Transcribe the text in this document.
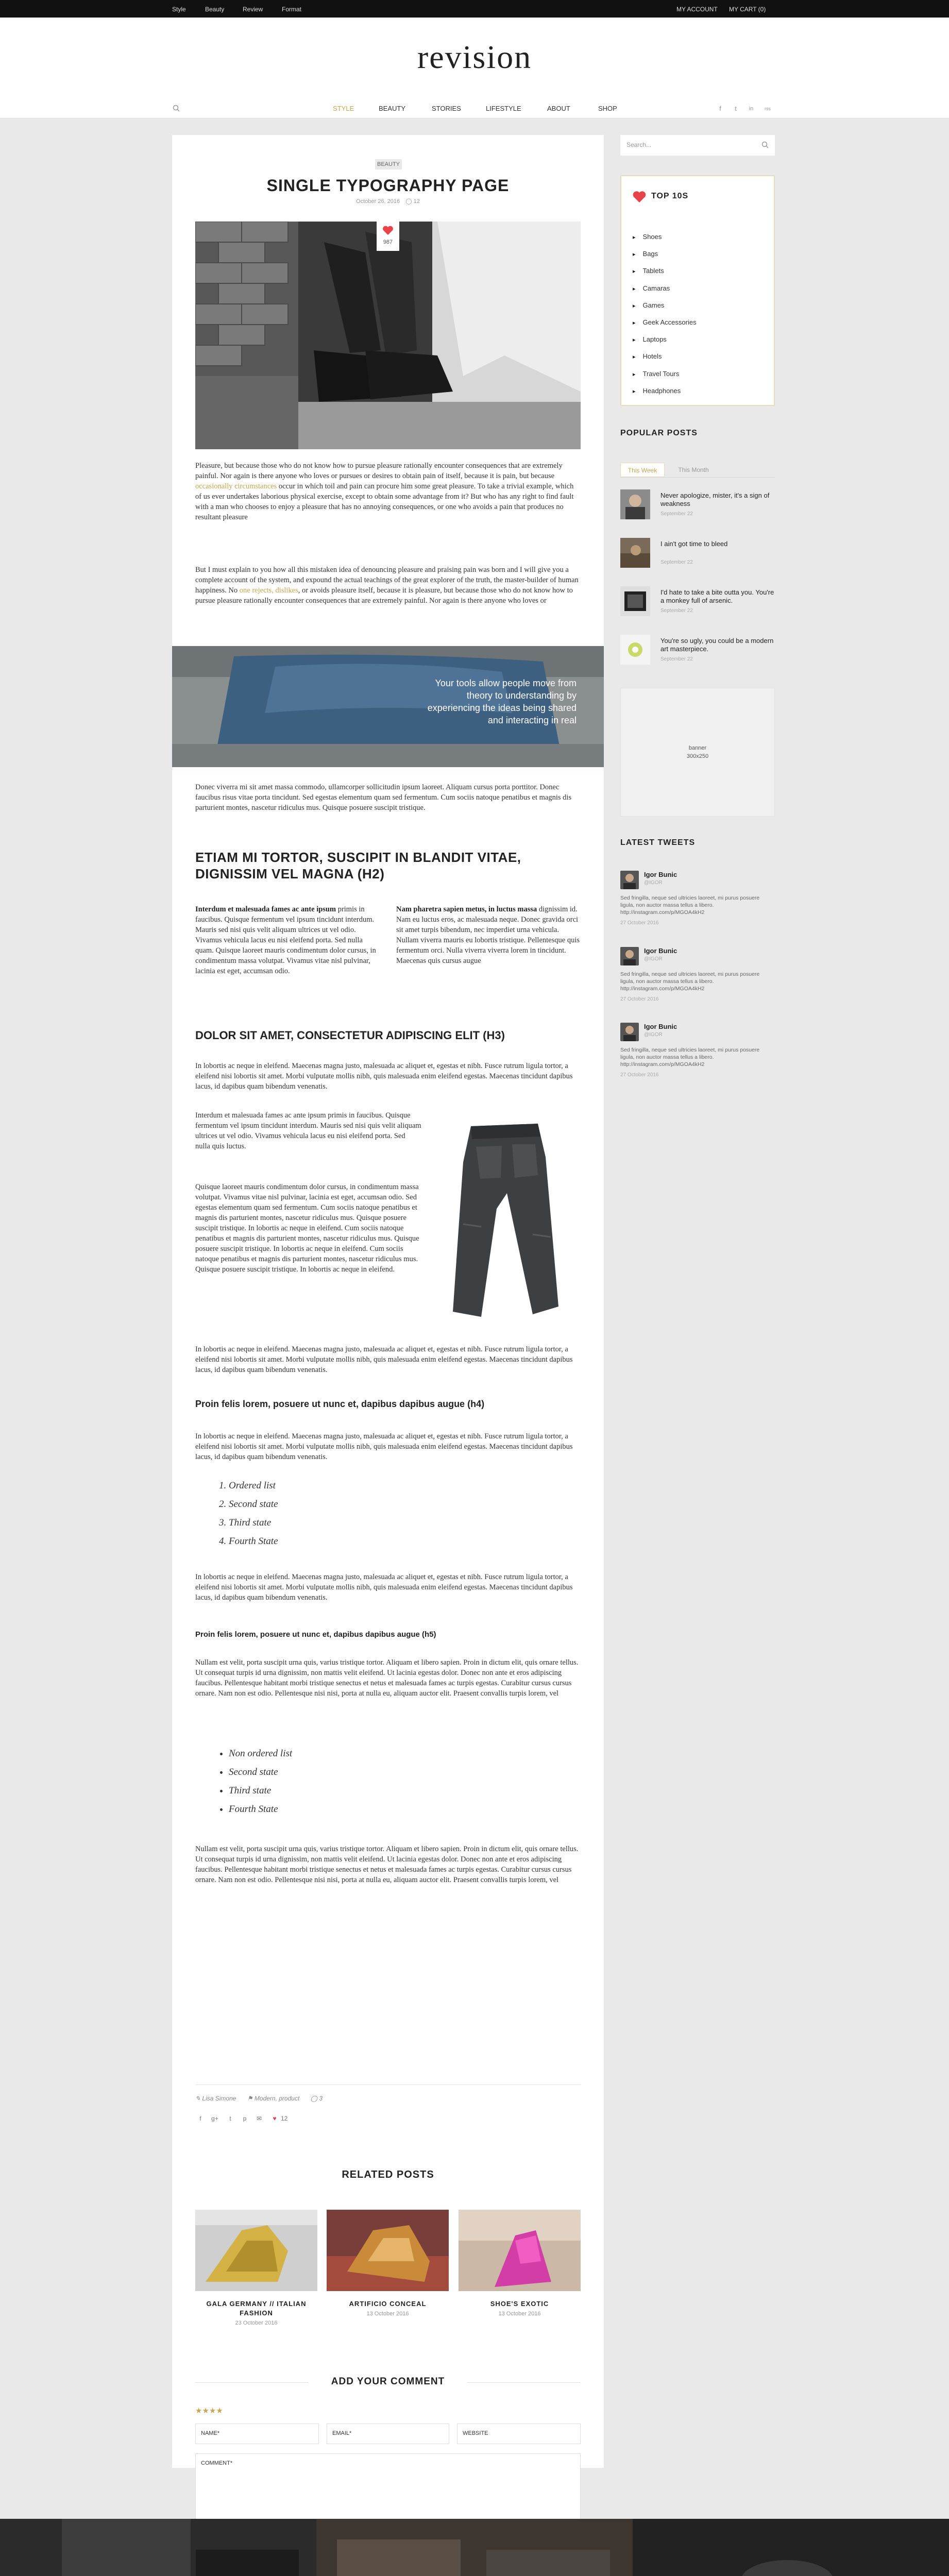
Style	Beauty	Review	Format	MY ACCOUNT MY CART (0)
revision
STYLE	BEAUTY	STORIES	LIFESTYLE	ABOUT	SHOP	f	t	in	rss
BEAUTY
SINGLE TYPOGRAPHY PAGE
October 26, 2016 ◯ 12
987

Pleasure, but because those who do not know how to pursue pleasure rationally encounter consequences that are extremely painful. Nor again is there anyone who loves or pursues or desires to obtain pain of itself, because it is pain, but because occasionally circumstances occur in which toil and pain can procure him some great pleasure. To take a trivial example, which of us ever undertakes laborious physical exercise, except to obtain some advantage from it? But who has any right to find fault with a man who chooses to enjoy a pleasure that has no annoying consequences, or one who avoids a pain that produces no resultant pleasure

But I must explain to you how all this mistaken idea of denouncing pleasure and praising pain was born and I will give you a complete account of the system, and expound the actual teachings of the great explorer of the truth, the master-builder of human happiness. No one rejects, dislikes, or avoids pleasure itself, because it is pleasure, but because those who do not know how to pursue pleasure rationally encounter consequences that are extremely painful. Nor again is there anyone who loves or

Your tools allow people move from theory to understanding by experiencing the ideas being shared and interacting in real

Donec viverra mi sit amet massa commodo, ullamcorper sollicitudin ipsum laoreet. Aliquam cursus porta porttitor. Donec faucibus risus vitae porta tincidunt. Sed egestas elementum quam sed fermentum. Cum sociis natoque penatibus et magnis dis parturient montes, nascetur ridiculus mus. Quisque posuere suscipit tristique.

ETIAM MI TORTOR, SUSCIPIT IN BLANDIT VITAE, DIGNISSIM VEL MAGNA (H2)
Interdum et malesuada fames ac ante ipsum primis in faucibus. Quisque fermentum vel ipsum tincidunt interdum. Mauris sed nisi quis velit aliquam ultrices ut vel odio. Vivamus vehicula lacus eu nisi eleifend porta. Sed nulla quam. Quisque laoreet mauris condimentum dolor cursus, in condimentum massa volutpat. Vivamus vitae nisl pulvinar, lacinia est eget, accumsan odio.
Nam pharetra sapien metus, in luctus massa dignissim id. Nam eu luctus eros, ac malesuada neque. Donec gravida orci sit amet turpis bibendum, nec imperdiet urna vehicula. Nullam viverra mauris eu lobortis tristique. Pellentesque quis fermentum orci. Nulla viverra viverra lorem in tincidunt. Maecenas quis cursus augue
DOLOR SIT AMET, CONSECTETUR ADIPISCING ELIT (H3)

In lobortis ac neque in eleifend. Maecenas magna justo, malesuada ac aliquet et, egestas et nibh. Fusce rutrum ligula tortor, a eleifend nisi lobortis sit amet. Morbi vulputate mollis nibh, quis malesuada enim eleifend egestas. Maecenas tincidunt dapibus lacus, id dapibus quam bibendum venenatis.

Interdum et malesuada fames ac ante ipsum primis in faucibus. Quisque fermentum vel ipsum tincidunt interdum. Mauris sed nisi quis velit aliquam ultrices ut vel odio. Vivamus vehicula lacus eu nisi eleifend porta. Sed nulla quis luctus.

Quisque laoreet mauris condimentum dolor cursus, in condimentum massa volutpat. Vivamus vitae nisl pulvinar, lacinia est eget, accumsan odio. Sed egestas elementum quam sed fermentum. Cum sociis natoque penatibus et magnis dis parturient montes, nascetur ridiculus mus. Quisque posuere suscipit tristique. In lobortis ac neque in eleifend. Cum sociis natoque penatibus et magnis dis parturient montes, nascetur ridiculus mus. Quisque posuere suscipit tristique. In lobortis ac neque in eleifend. Cum sociis natoque penatibus et magnis dis parturient montes, nascetur ridiculus mus. Quisque posuere suscipit tristique. In lobortis ac neque in eleifend.

In lobortis ac neque in eleifend. Maecenas magna justo, malesuada ac aliquet et, egestas et nibh. Fusce rutrum ligula tortor, a eleifend nisi lobortis sit amet. Morbi vulputate mollis nibh, quis malesuada enim eleifend egestas. Maecenas tincidunt dapibus lacus, id dapibus quam bibendum venenatis.

Proin felis lorem, posuere ut nunc et, dapibus dapibus augue (h4)

In lobortis ac neque in eleifend. Maecenas magna justo, malesuada ac aliquet et, egestas et nibh. Fusce rutrum ligula tortor, a eleifend nisi lobortis sit amet. Morbi vulputate mollis nibh, quis malesuada enim eleifend egestas. Maecenas tincidunt dapibus lacus, id dapibus quam bibendum venenatis.

1. Ordered list
2. Second state
3. Third state
4. Fourth State

In lobortis ac neque in eleifend. Maecenas magna justo, malesuada ac aliquet et, egestas et nibh. Fusce rutrum ligula tortor, a eleifend nisi lobortis sit amet. Morbi vulputate mollis nibh, quis malesuada enim eleifend egestas. Maecenas tincidunt dapibus lacus, id dapibus quam bibendum venenatis.

Proin felis lorem, posuere ut nunc et, dapibus dapibus augue (h5)

Nullam est velit, porta suscipit urna quis, varius tristique tortor. Aliquam et libero sapien. Proin in dictum elit, quis ornare tellus. Ut consequat turpis id urna dignissim, non mattis velit eleifend. Ut lacinia egestas dolor. Donec non ante et eros adipiscing faucibus. Pellentesque habitant morbi tristique senectus et netus et malesuada fames ac turpis egestas. Curabitur cursus cursus ornare. Nam non est odio. Pellentesque nisi nisi, porta at nulla eu, aliquam auctor elit. Praesent convallis turpis lorem, vel

• Non ordered list
• Second state
• Third state
• Fourth State

Nullam est velit, porta suscipit urna quis, varius tristique tortor. Aliquam et libero sapien. Proin in dictum elit, quis ornare tellus. Ut consequat turpis id urna dignissim, non mattis velit eleifend. Ut lacinia egestas dolor. Donec non ante et eros adipiscing faucibus. Pellentesque habitant morbi tristique senectus et netus et malesuada fames ac turpis egestas. Curabitur cursus cursus ornare. Nam non est odio. Pellentesque nisi nisi, porta at nulla eu, aliquam auctor elit. Praesent convallis turpis lorem, vel

✎ Lisa Simone ⚑ Modern, product ◯ 3
f	g+	t	p	✉	♥ 12
RELATED POSTS
GALA GERMANY // ITALIAN FASHION
23 October 2016
ARTIFICIO CONCEAL
13 October 2016
SHOE'S EXOTIC
13 October 2016
ADD YOUR COMMENT
★★★★
NAME*	EMAIL*	WEBSITE
COMMENT*
Search...
TOP 10S
▸ Shoes
▸ Bags
▸ Tablets
▸ Camaras
▸ Games
▸ Geek Accessories
▸ Laptops
▸ Hotels
▸ Travel Tours
▸ Headphones
POPULAR POSTS
This Week	This Month
Never apologize, mister, it's a sign of weakness
September 22
I ain't got time to bleed
September 22
I'd hate to take a bite outta you. You're a monkey full of arsenic.
September 22
You're so ugly, you could be a modern art masterpiece.
September 22
banner
300x250
LATEST TWEETS
Igor Bunic
@IGOR
Sed fringilla, neque sed ultricies laoreet, mi purus posuere ligula, non auctor massa tellus a libero. http://instagram.com/p/MGOA4kH2
27 October 2016
Igor Bunic
@IGOR
Sed fringilla, neque sed ultricies laoreet, mi purus posuere ligula, non auctor massa tellus a libero. http://instagram.com/p/MGOA4kH2
27 October 2016
Igor Bunic
@IGOR
Sed fringilla, neque sed ultricies laoreet, mi purus posuere ligula, non auctor massa tellus a libero. http://instagram.com/p/MGOA4kH2
27 October 2016
